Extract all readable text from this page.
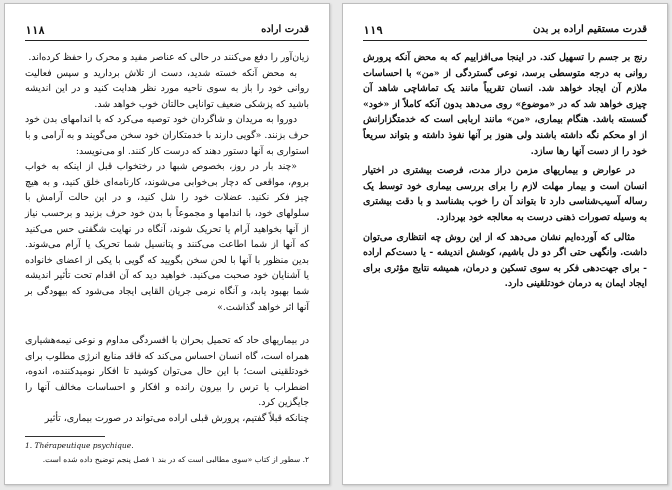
۱۱۸	قدرت اراده

زیان‌آور را دفع می‌کنند در حالی که عناصر مفید و محرک را حفظ کرده‌اند.

به محض آنکه خسته شدید، دست از تلاش بردارید و سپس فعالیت روانی خود را باز به سوی ناحیه مورد نظر هدایت کنید و در این اندیشه باشید که پزشکی ضعیف توانایی حالتان خوب خواهد شد.

دوروا به مریدان و شاگردان خود توصیه می‌کرد که با اندامهای بدن خود حرف بزنند. «گویی دارند با خدمتکاران خود سخن می‌گویند و به آرامی و با استواری به آنها دستور دهند که درست کار کنند. او می‌نویسد:

«چند بار در روز، بخصوص شبها در رختخواب قبل از اینکه به خواب بروم، مواقعی که دچار بی‌خوابی می‌شوند، کارنامه‌ای خلق کنید، و به هیچ چیز فکر نکنید. عضلات خود را شل کنید، و در این حالت آرامش با سلولهای خود، با اندامها و مجموعاً با بدن خود حرف بزنید و برحسب نیاز از آنها بخواهید آرام یا تحریک شوند، آنگاه در نهایت شگفتی حس می‌کنید که آنها از شما اطاعت می‌کنند و پتانسیل شما تحریک یا آرام می‌شوند. بدین منظور با آنها با لحن سخن بگویید که گویی با یکی از اعضای خانواده یا آشنایان خود صحبت می‌کنید. خواهید دید که آن اقدام تحت تأثیر اندیشه شما بهبود یابد، و آنگاه نرمی جریان القایی ایجاد می‌شود که بیهودگی بر آنها اثر خواهد گذاشت.»

در بیماریهای حاد که تحمیل بحران با افسردگی مداوم و نوعی نیمه‌هشیاری همراه است، گاه انسان احساس می‌کند که فاقد منابع انرژی مطلوب برای خودتلقینی است؛ با این حال می‌توان کوشید تا افکار نومیدکننده، اندوه، اضطراب یا ترس را بیرون رانده و افکار و احساسات مخالف آنها را جایگزین کرد.

چنانکه قبلاً گفتیم، پرورش قبلی اراده می‌تواند در صورت بیماری، تأثیر

1. Thérapeutique psychique.
۲. سطور از کتاب «سوی مطالبی است که در بند ۱ فصل پنجم توضیح داده شده است.
۱۱۹	قدرت مستقیم اراده بر بدن

رنج بر جسم را تسهیل کند. در اینجا می‌افزاییم که به محض آنکه پرورش روانی به درجه متوسطی برسد، نوعی گستردگی از «من» با احساسات ملازم آن ایجاد خواهد شد. انسان تقریباً مانند یک تماشاچی شاهد آن چیزی خواهد شد که در «موضوع» روی می‌دهد بدون آنکه کاملاً از «خود» گسسته باشد. هنگام بیماری، «من» مانند اربابی است که خدمتگزارانش از او محکم نگه داشته باشند ولی هنوز بر آنها نفوذ داشته و بتواند سریعاً خود را از دست آنها رها سازد.

در عوارض و بیماریهای مزمن دراز مدت، فرصت بیشتری در اختیار انسان است و بیمار مهلت لازم را برای بررسی بیماری خود توسط یک رساله آسیب‌شناسی دارد تا بتواند آن را خوب بشناسد و با دقت بیشتری به وسیله تصورات ذهنی درست به معالجه خود بپردازد.

مثالی که آورده‌ایم نشان می‌دهد که از این روش چه انتظاری می‌توان داشت. وانگهی حتی اگر دو دل باشیم، کوشش اندیشه - یا دست‌کم اراده - برای جهت‌دهی فکر به سوی تسکین و درمان، همیشه نتایج مؤثری برای ایجاد ایمان به درمان خودتلقینی دارد.
